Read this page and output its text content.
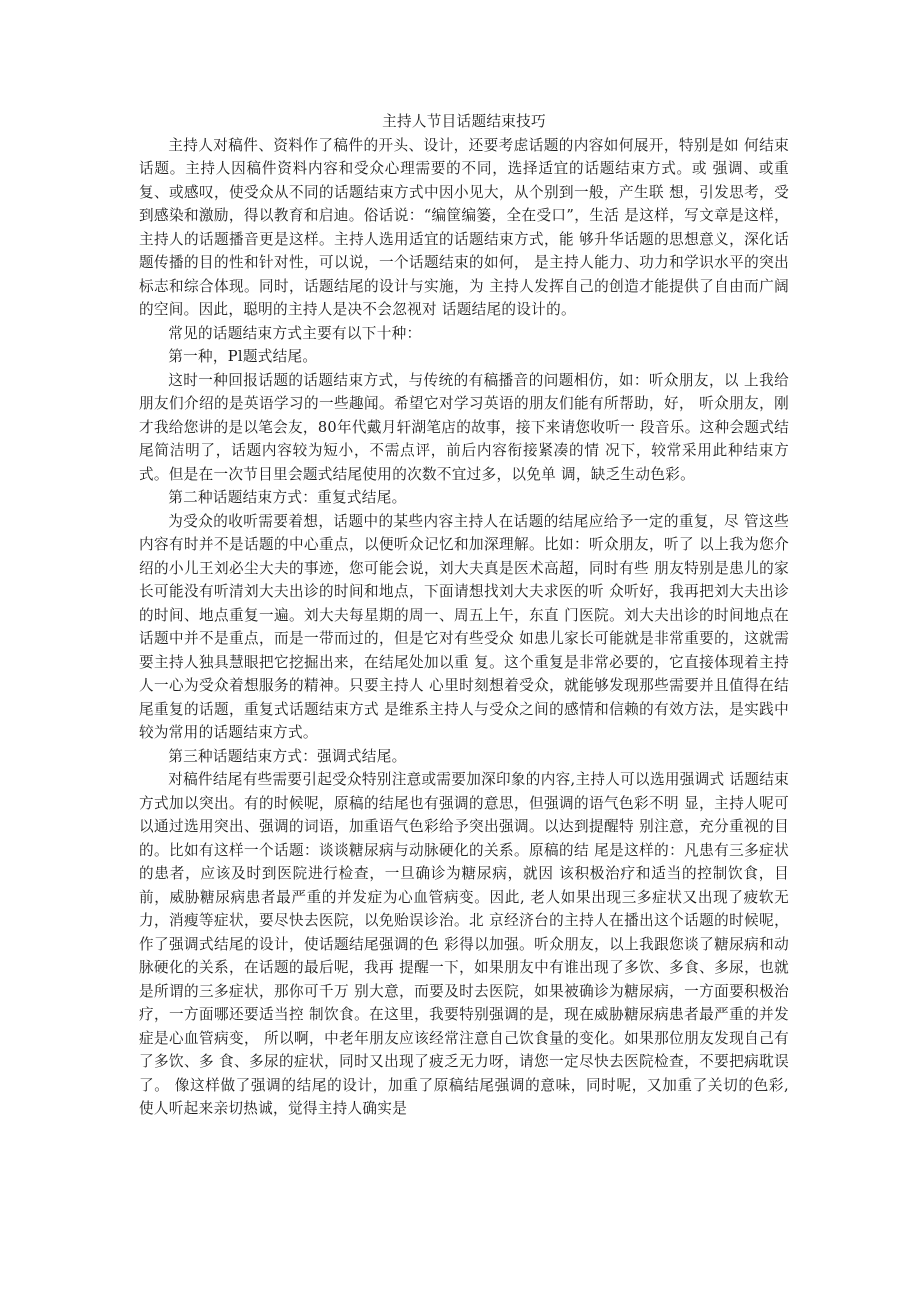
主持人节目话题结束技巧

主持人对稿件、资料作了稿件的开头、设计，还要考虑话题的内容如何展开，特别是如 何结束话题。主持人因稿件资料内容和受众心理需要的不同，选择适宜的话题结束方式。或 强调、或重复、或感叹，使受众从不同的话题结束方式中因小见大，从个别到一般，产生联 想，引发思考，受到感染和激励，得以教育和启迪。俗话说：“编筐编篓，全在受口”，生活 是这样，写文章是这样，主持人的话题播音更是这样。主持人选用适宜的话题结束方式，能 够升华话题的思想意义，深化话题传播的目的性和针对性，可以说，一个话题结束的如何， 是主持人能力、功力和学识水平的突出标志和综合体现。同时，话题结尾的设计与实施，为 主持人发挥自己的创造才能提供了自由而广阔的空间。因此，聪明的主持人是决不会忽视对 话题结尾的设计的。

常见的话题结束方式主要有以下十种：

第一种，Pl题式结尾。

这时一种回报话题的话题结束方式，与传统的有稿播音的问题相仿，如：听众朋友，以 上我给朋友们介绍的是英语学习的一些趣闻。希望它对学习英语的朋友们能有所帮助，好， 听众朋友，刚才我给您讲的是以笔会友，80年代戴月轩湖笔店的故事，接下来请您收听一 段音乐。这种会题式结尾简洁明了，话题内容较为短小，不需点评，前后内容衔接紧凑的情 况下，较常采用此种结束方式。但是在一次节目里会题式结尾使用的次数不宜过多，以免单 调，缺乏生动色彩。

第二种话题结束方式：重复式结尾。

为受众的收听需要着想，话题中的某些内容主持人在话题的结尾应给予一定的重复，尽 管这些内容有时并不是话题的中心重点，以便听众记忆和加深理解。比如：听众朋友，听了 以上我为您介绍的小儿王刘必尘大夫的事迹，您可能会说，刘大夫真是医术高超，同时有些 朋友特别是患儿的家长可能没有听清刘大夫出诊的时间和地点，下面请想找刘大夫求医的听 众听好，我再把刘大夫出诊的时间、地点重复一遍。刘大夫每星期的周一、周五上午，东直 门医院。刘大夫出诊的时间地点在话题中并不是重点，而是一带而过的，但是它对有些受众 如患儿家长可能就是非常重要的，这就需要主持人独具慧眼把它挖掘出来，在结尾处加以重 复。这个重复是非常必要的，它直接体现着主持人一心为受众着想服务的精神。只要主持人 心里时刻想着受众，就能够发现那些需要并且值得在结尾重复的话题，重复式话题结束方式 是维系主持人与受众之间的感情和信赖的有效方法，是实践中较为常用的话题结束方式。

第三种话题结束方式：强调式结尾。

对稿件结尾有些需要引起受众特别注意或需要加深印象的内容,主持人可以选用强调式 话题结束方式加以突出。有的时候呢，原稿的结尾也有强调的意思，但强调的语气色彩不明 显，主持人呢可以通过选用突出、强调的词语，加重语气色彩给予突出强调。以达到提醒特 别注意，充分重视的目的。比如有这样一个话题：谈谈糖尿病与动脉硬化的关系。原稿的结 尾是这样的：凡患有三多症状的患者，应该及时到医院进行检查，一旦确诊为糖尿病，就因 该积极治疗和适当的控制饮食，目前，威胁糖尿病患者最严重的并发症为心血管病变。因此, 老人如果出现三多症状又出现了疲软无力，消瘦等症状，要尽快去医院，以免贻误诊治。北 京经济台的主持人在播出这个话题的时候呢，作了强调式结尾的设计，使话题结尾强调的色 彩得以加强。听众朋友，以上我跟您谈了糖尿病和动脉硬化的关系，在话题的最后呢，我再 提醒一下，如果朋友中有谁出现了多饮、多食、多尿，也就是所谓的三多症状，那你可千万 别大意，而要及时去医院，如果被确诊为糖尿病，一方面要积极治疗，一方面哪还要适当控 制饮食。在这里，我要特别强调的是，现在威胁糖尿病患者最严重的并发症是心血管病变， 所以啊，中老年朋友应该经常注意自己饮食量的变化。如果那位朋友发现自己有了多饮、多 食、多尿的症状，同时又出现了疲乏无力呀，请您一定尽快去医院检查，不要把病耽误了。 像这样做了强调的结尾的设计，加重了原稿结尾强调的意味，同时呢，又加重了关切的色彩, 使人听起来亲切热诚，觉得主持人确实是
